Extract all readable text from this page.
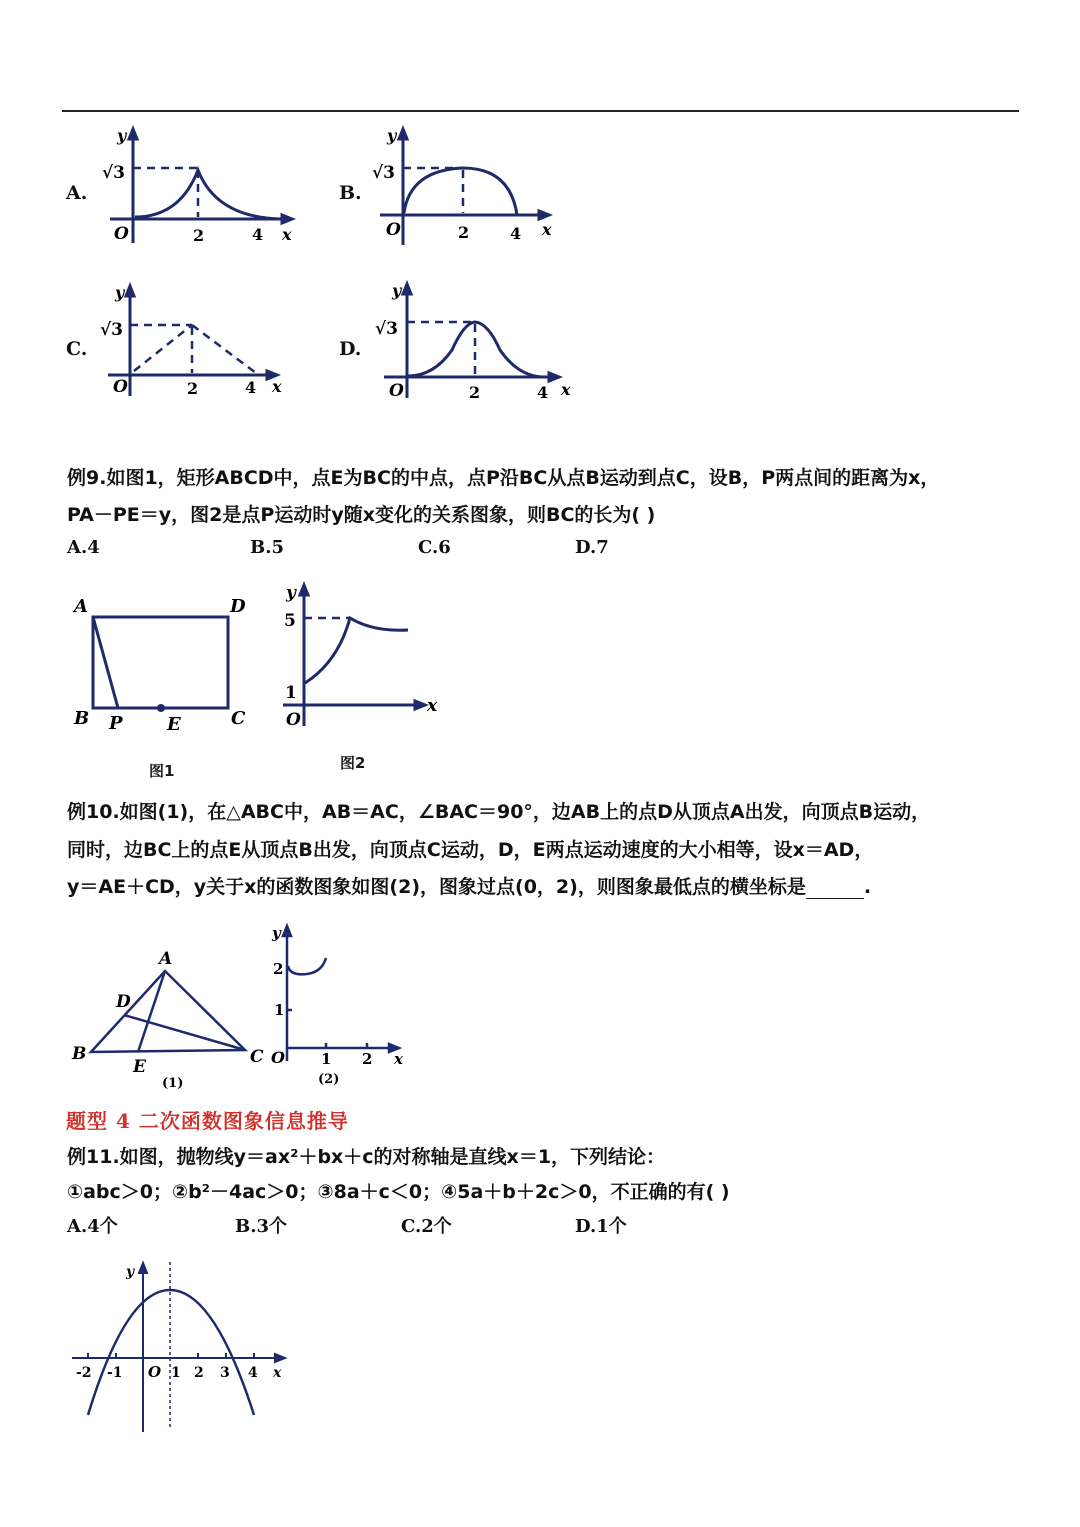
A.	B.
C.	D.
y
√3
O	2	4 x
y
√3
O	2	4 x
y
√3
O	2	4 x
y
√3
O	2	4 x
例9.如图1，矩形ABCD中，点E为BC的中点，点P沿BC从点B运动到点C，设B，P两点间的距离为x，
PA－PE＝y，图2是点P运动时y随x变化的关系图象，则BC的长为( )
A.4	B.5	C.6	D.7
A	D
B P E	C
图1
y
5
1
O
x
图2
例10.如图(1)，在△ABC中，AB＝AC，∠BAC＝90°，边AB上的点D从顶点A出发，向顶点B运动，
同时，边BC上的点E从顶点B出发，向顶点C运动，D，E两点运动速度的大小相等，设x＝AD，
y＝AE＋CD，y关于x的函数图象如图(2)，图象过点(0，2)，则图象最低点的横坐标是	.
A
D
B
E	C
(1)
y
2
1
O 1 2 x
(2)
题型 4 二次函数图象信息推导
例11.如图，抛物线y＝ax²＋bx＋c的对称轴是直线x＝1，下列结论：
①abc＞0；②b²－4ac＞0；③8a＋c＜0；④5a＋b＋2c＞0，不正确的有( )
A.4个	B.3个	C.2个	D.1个
y
O
-2 -1	1 2 3 4 x
